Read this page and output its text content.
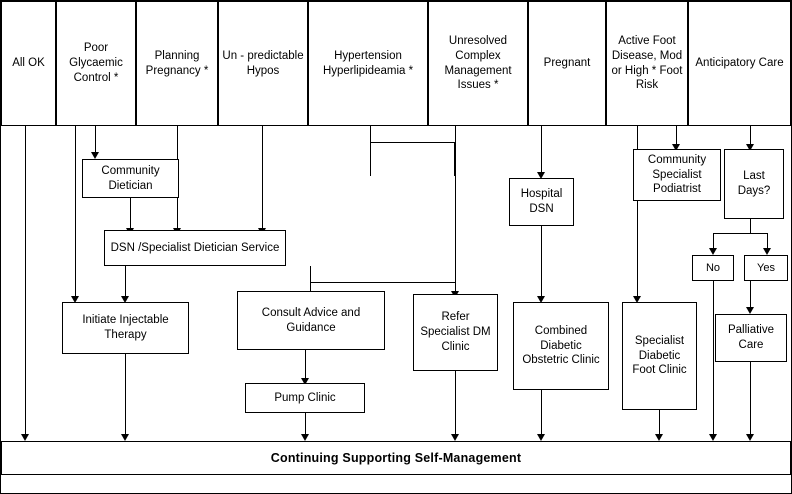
All OK
Poor Glycaemic Control *
Planning Pregnancy *
Un - predictable Hypos
Hypertension Hyperlipideamia *
Unresolved Complex Management Issues *
Pregnant
Active Foot Disease, Mod or High * Foot Risk
Anticipatory Care
Community Dietician
DSN /Specialist Dietician Service
Initiate Injectable Therapy
Consult Advice and Guidance
Pump Clinic
Refer Specialist DM Clinic
Hospital DSN
Combined Diabetic Obstetric Clinic
Community Specialist Podiatrist
Specialist Diabetic Foot Clinic
Last Days?
No	Yes
Palliative Care
Continuing Supporting Self-Management
